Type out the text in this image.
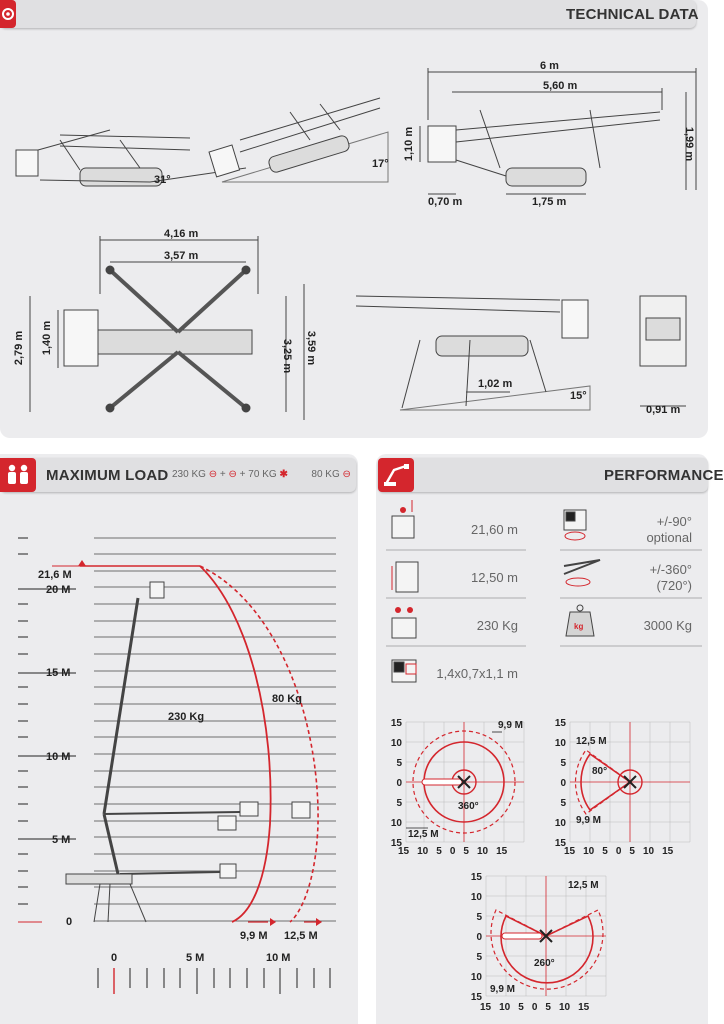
TECHNICAL DATA
31°
17°
6 m
5,60 m
1,10 m	1,99 m
0,70 m	1,75 m
4,16 m
3,57 m
2,79 m 1,40 m
3,25 m 3,59 m
1,02 m
15°
0,91 m
MAXIMUM LOAD 230 KG ⊖ + ⊖ + 70 KG ✱ 80 KG ⊖
20 M
15 M
10 M
5 M
0
21,6 M
230 Kg
80 Kg
9,9 M 12,5 M
0	5 M	10 M
PERFORMANCE
21,60 m
12,50 m
230 Kg
1,4x0,7x1,1 m
+/-90°
optional
+/-360°
(720°)
3000 Kg
kg
15
10
5
0
5
10
15
15 10 5 0 5 10 15
9,9 M
12,5 M
360°
15
10
5
0
5
10
15
15 10 5 0 5 10 15
12,5 M
80°
9,9 M
15
10
5
0
5
10
15
15 10 5 0 5 10 15
12,5 M
260°
9,9 M
